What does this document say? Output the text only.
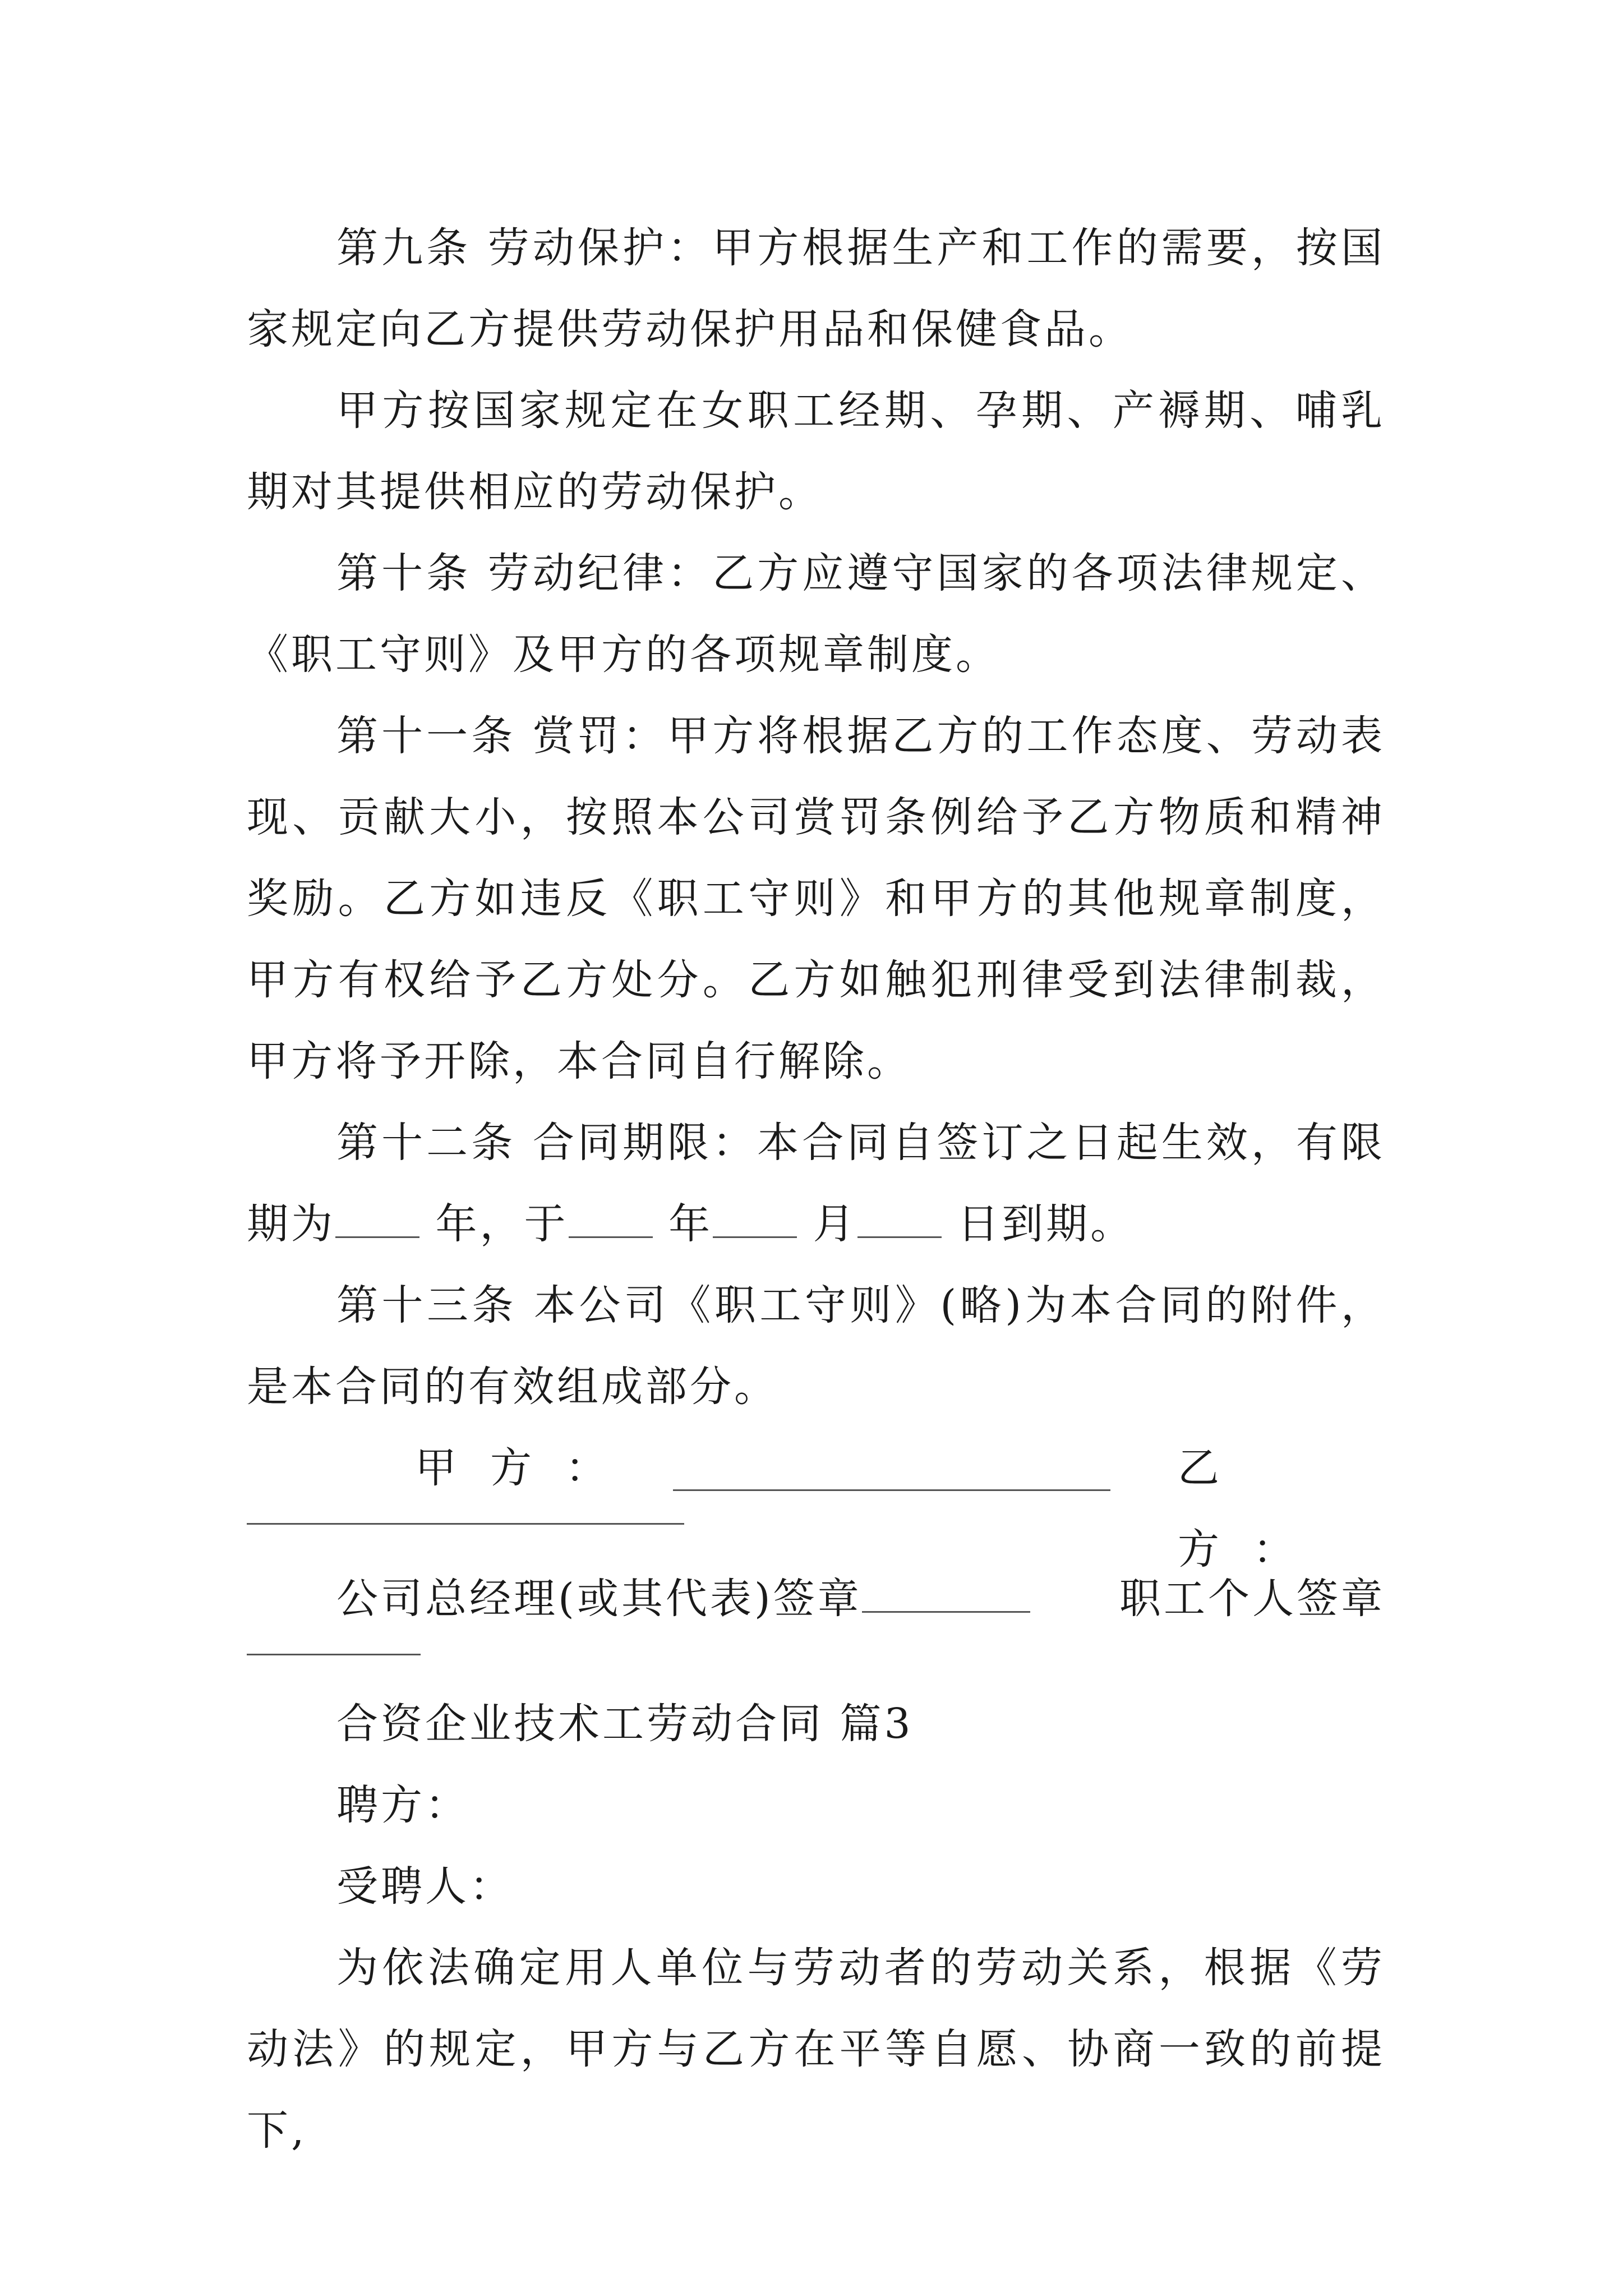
第九条 劳动保护：甲方根据生产和工作的需要，按国家规定向乙方提供劳动保护用品和保健食品。

甲方按国家规定在女职工经期、孕期、产褥期、哺乳期对其提供相应的劳动保护。

第十条 劳动纪律：乙方应遵守国家的各项法律规定、《职工守则》及甲方的各项规章制度。

第十一条 赏罚：甲方将根据乙方的工作态度、劳动表现、贡献大小，按照本公司赏罚条例给予乙方物质和精神奖励。乙方如违反《职工守则》和甲方的其他规章制度，甲方有权给予乙方处分。乙方如触犯刑律受到法律制裁，甲方将予开除，本合同自行解除。

第十二条 合同期限：本合同自签订之日起生效，有限期为 年，于 年 月 日到期。

第十三条 本公司《职工守则》(略)为本合同的附件，是本合同的有效组成部分。

甲方：	乙方：
公司总经理(或其代表)签章	职工个人签章

合资企业技术工劳动合同 篇3

聘方：

受聘人：

为依法确定用人单位与劳动者的劳动关系，根据《劳动法》的规定，甲方与乙方在平等自愿、协商一致的前提下,
